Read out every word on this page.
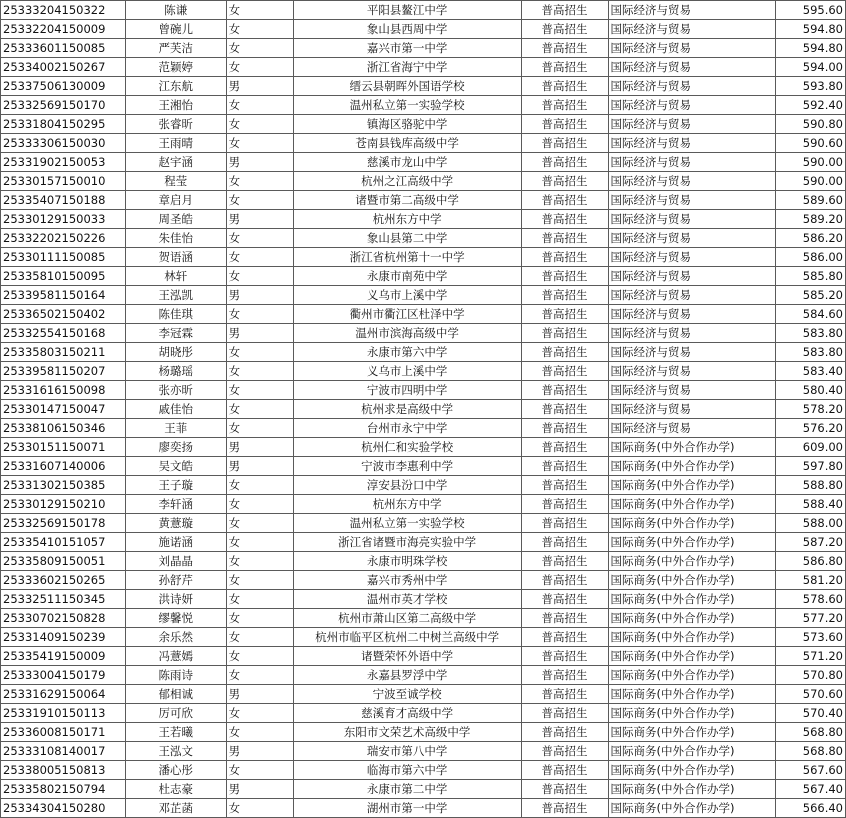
25333204150322	陈谦	女	平阳县鳌江中学	普高招生	国际经济与贸易	595.60
25332204150009	曾碗儿	女	象山县西周中学	普高招生	国际经济与贸易	594.80
25333601150085	严芙洁	女	嘉兴市第一中学	普高招生	国际经济与贸易	594.80
25334002150267	范颖婷	女	浙江省海宁中学	普高招生	国际经济与贸易	594.00
25337506130009	江东航	男	缙云县朝晖外国语学校	普高招生	国际经济与贸易	593.80
25332569150170	王湘怡	女	温州私立第一实验学校	普高招生	国际经济与贸易	592.40
25331804150295	张睿昕	女	镇海区骆驼中学	普高招生	国际经济与贸易	590.80
25333306150030	王雨晴	女	苍南县钱库高级中学	普高招生	国际经济与贸易	590.60
25331902150053	赵宇涵	男	慈溪市龙山中学	普高招生	国际经济与贸易	590.00
25330157150010	程莹	女	杭州之江高级中学	普高招生	国际经济与贸易	590.00
25335407150188	章启月	女	诸暨市第二高级中学	普高招生	国际经济与贸易	589.60
25330129150033	周圣皓	男	杭州东方中学	普高招生	国际经济与贸易	589.20
25332202150226	朱佳怡	女	象山县第二中学	普高招生	国际经济与贸易	586.20
25330111150085	贺语涵	女	浙江省杭州第十一中学	普高招生	国际经济与贸易	586.00
25335810150095	林轩	女	永康市南苑中学	普高招生	国际经济与贸易	585.80
25339581150164	王泓凯	男	义乌市上溪中学	普高招生	国际经济与贸易	585.20
25336502150402	陈佳琪	女	衢州市衢江区杜泽中学	普高招生	国际经济与贸易	584.60
25332554150168	李冠霖	男	温州市滨海高级中学	普高招生	国际经济与贸易	583.80
25335803150211	胡晓彤	女	永康市第六中学	普高招生	国际经济与贸易	583.80
25339581150207	杨璐瑶	女	义乌市上溪中学	普高招生	国际经济与贸易	583.40
25331616150098	张亦昕	女	宁波市四明中学	普高招生	国际经济与贸易	580.40
25330147150047	戚佳怡	女	杭州求是高级中学	普高招生	国际经济与贸易	578.20
25338106150346	王菲	女	台州市永宁中学	普高招生	国际经济与贸易	576.20
25330151150071	廖奕扬	男	杭州仁和实验学校	普高招生	国际商务(中外合作办学)	609.00
25331607140006	吴文皓	男	宁波市李惠利中学	普高招生	国际商务(中外合作办学)	597.80
25331302150385	王子璇	女	淳安县汾口中学	普高招生	国际商务(中外合作办学)	588.80
25330129150210	李轩涵	女	杭州东方中学	普高招生	国际商务(中外合作办学)	588.40
25332569150178	黄薏璇	女	温州私立第一实验学校	普高招生	国际商务(中外合作办学)	588.00
25335410151057	施诺涵	女	浙江省诸暨市海亮实验中学	普高招生	国际商务(中外合作办学)	587.20
25335809150051	刘晶晶	女	永康市明珠学校	普高招生	国际商务(中外合作办学)	586.80
25333602150265	孙舒芹	女	嘉兴市秀州中学	普高招生	国际商务(中外合作办学)	581.20
25332511150345	洪诗妍	女	温州市英才学校	普高招生	国际商务(中外合作办学)	578.60
25330702150828	缪馨悦	女	杭州市萧山区第二高级中学	普高招生	国际商务(中外合作办学)	577.20
25331409150239	余乐然	女	杭州市临平区杭州二中树兰高级中学	普高招生	国际商务(中外合作办学)	573.60
25335419150009	冯薏嫣	女	诸暨荣怀外语中学	普高招生	国际商务(中外合作办学)	571.20
25333004150179	陈雨诗	女	永嘉县罗浮中学	普高招生	国际商务(中外合作办学)	570.80
25331629150064	郁相诚	男	宁波至诚学校	普高招生	国际商务(中外合作办学)	570.60
25331910150113	厉可欣	女	慈溪育才高级中学	普高招生	国际商务(中外合作办学)	570.40
25336008150171	王若曦	女	东阳市文荣艺术高级中学	普高招生	国际商务(中外合作办学)	568.80
25333108140017	王泓文	男	瑞安市第八中学	普高招生	国际商务(中外合作办学)	568.80
25338005150813	潘心彤	女	临海市第六中学	普高招生	国际商务(中外合作办学)	567.60
25335802150794	杜志豪	男	永康市第二中学	普高招生	国际商务(中外合作办学)	567.40
25334304150280	邓芷菡	女	湖州市第一中学	普高招生	国际商务(中外合作办学)	566.40
